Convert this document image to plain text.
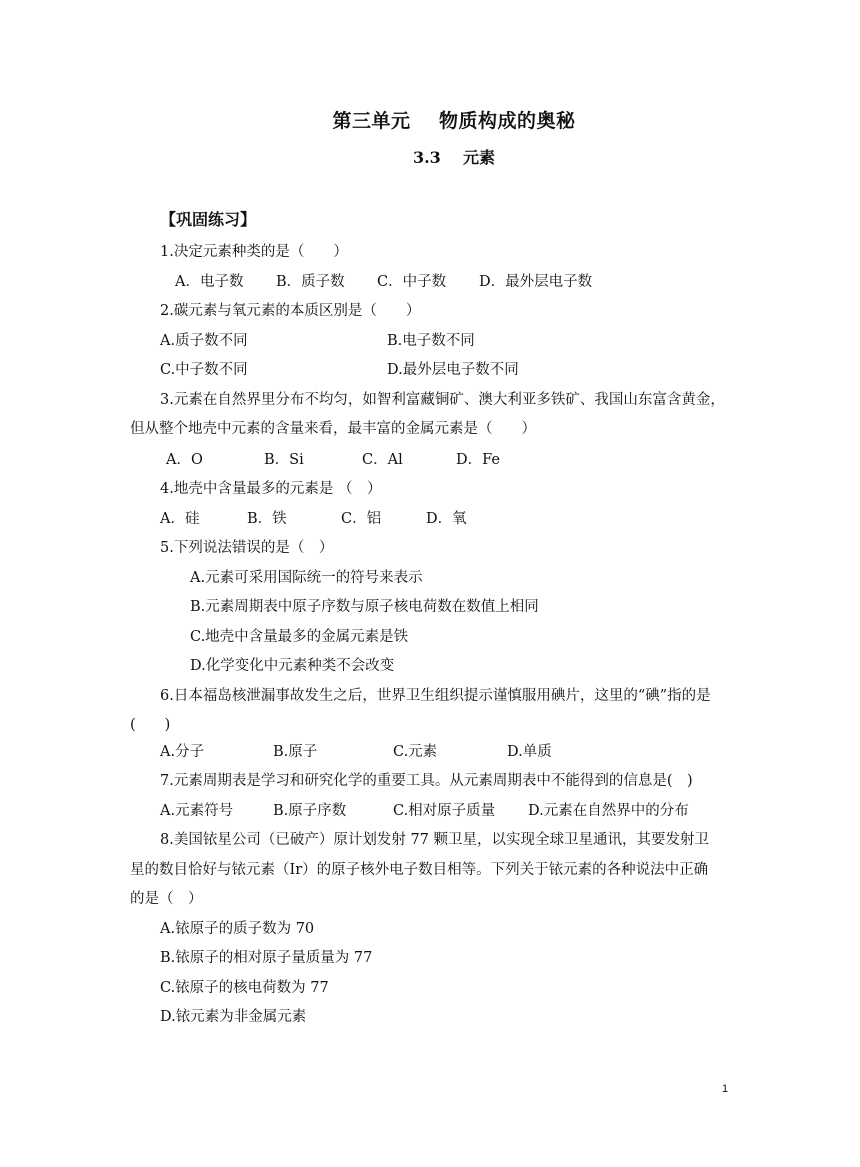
第三单元    物质构成的奥秘
3.3    元素
【巩固练习】
1.决定元素种类的是（　　）
A．电子数 B．质子数 C．中子数 D．最外层电子数
2.碳元素与氧元素的本质区别是（　　）
A.质子数不同	B.电子数不同
C.中子数不同	D.最外层电子数不同
3.元素在自然界里分布不均匀，如智利富藏铜矿、澳大利亚多铁矿、我国山东富含黄金，
但从整个地壳中元素的含量来看，最丰富的金属元素是（　　）
A．O	B．Si	C．Al	D．Fe
4.地壳中含量最多的元素是 （　）
A．硅	B．铁	C．铝	D．氧
5.下列说法错误的是（　）
A.元素可采用国际统一的符号来表示
B.元素周期表中原子序数与原子核电荷数在数值上相同
C.地壳中含量最多的金属元素是铁
D.化学变化中元素种类不会改变
6.日本福岛核泄漏事故发生之后，世界卫生组织提示谨慎服用碘片，这里的“碘”指的是
(　　)
A.分子	B.原子	C.元素	D.单质
7.元素周期表是学习和研究化学的重要工具。从元素周期表中不能得到的信息是(　)
A.元素符号	B.原子序数	C.相对原子质量 D.元素在自然界中的分布
8.美国铱星公司（已破产）原计划发射 77 颗卫星，以实现全球卫星通讯，其要发射卫
星的数目恰好与铱元素（Ir）的原子核外电子数目相等。下列关于铱元素的各种说法中正确
的是（　）
A.铱原子的质子数为 70
B.铱原子的相对原子量质量为 77
C.铱原子的核电荷数为 77
D.铱元素为非金属元素
1
